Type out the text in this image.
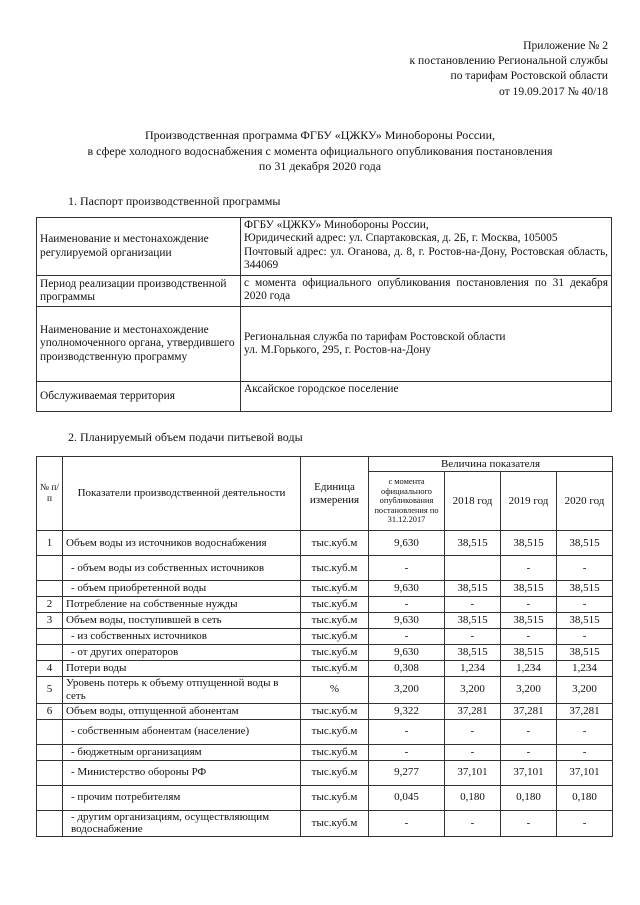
Приложение № 2
к постановлению Региональной службы
по тарифам Ростовской области
от 19.09.2017 № 40/18
Производственная программа ФГБУ «ЦЖКУ» Минобороны России,
в сфере холодного водоснабжения с момента официального опубликования постановления
по 31 декабря 2020 года
1. Паспорт производственной программы
Наименование и местонахождение регулируемой организации	ФГБУ «ЦЖКУ» Минобороны России,
Юридический адрес: ул. Спартаковская, д. 2Б, г. Москва, 105005
Почтовый адрес: ул. Оганова, д. 8, г. Ростов-на-Дону, Ростовская область, 344069

Период реализации производственной программы	с момента официального опубликования постановления по 31 декабря 2020 года

Наименование и местонахождение уполномоченного органа, утвердившего производственную программу	Региональная служба по тарифам Ростовской области
ул. М.Горького, 295, г. Ростов-на-Дону

Обслуживаемая территория	Аксайское городское поселение
2. Планируемый объем подачи питьевой воды
№ п/п	Показатели производственной деятельности	Единица измерения	Величина показателя			
			с момента официального опубликования постановления по 31.12.2017	2018 год	2019 год	2020 год
1	Объем воды из источников водоснабжения	тыс.куб.м	9,630	38,515	38,515	38,515
	- объем воды из собственных источников	тыс.куб.м	-		-	-
	- объем приобретенной воды	тыс.куб.м	9,630	38,515	38,515	38,515
2	Потребление на собственные нужды	тыс.куб.м	-	-	-	-
3	Объем воды, поступившей в сеть	тыс.куб.м	9,630	38,515	38,515	38,515
	- из собственных источников	тыс.куб.м	-	-	-	-
	- от других операторов	тыс.куб.м	9,630	38,515	38,515	38,515
4	Потери воды	тыс.куб.м	0,308	1,234	1,234	1,234
5	Уровень потерь к объему отпущенной воды в сеть	%	3,200	3,200	3,200	3,200
6	Объем воды, отпущенной абонентам	тыс.куб.м	9,322	37,281	37,281	37,281
	- собственным абонентам (население)	тыс.куб.м	-	-	-	-
	- бюджетным организациям	тыс.куб.м	-	-	-	-
	- Министерство обороны РФ	тыс.куб.м	9,277	37,101	37,101	37,101
	- прочим потребителям	тыс.куб.м	0,045	0,180	0,180	0,180
	- другим организациям, осуществляющим водоснабжение	тыс.куб.м	-	-	-	-
